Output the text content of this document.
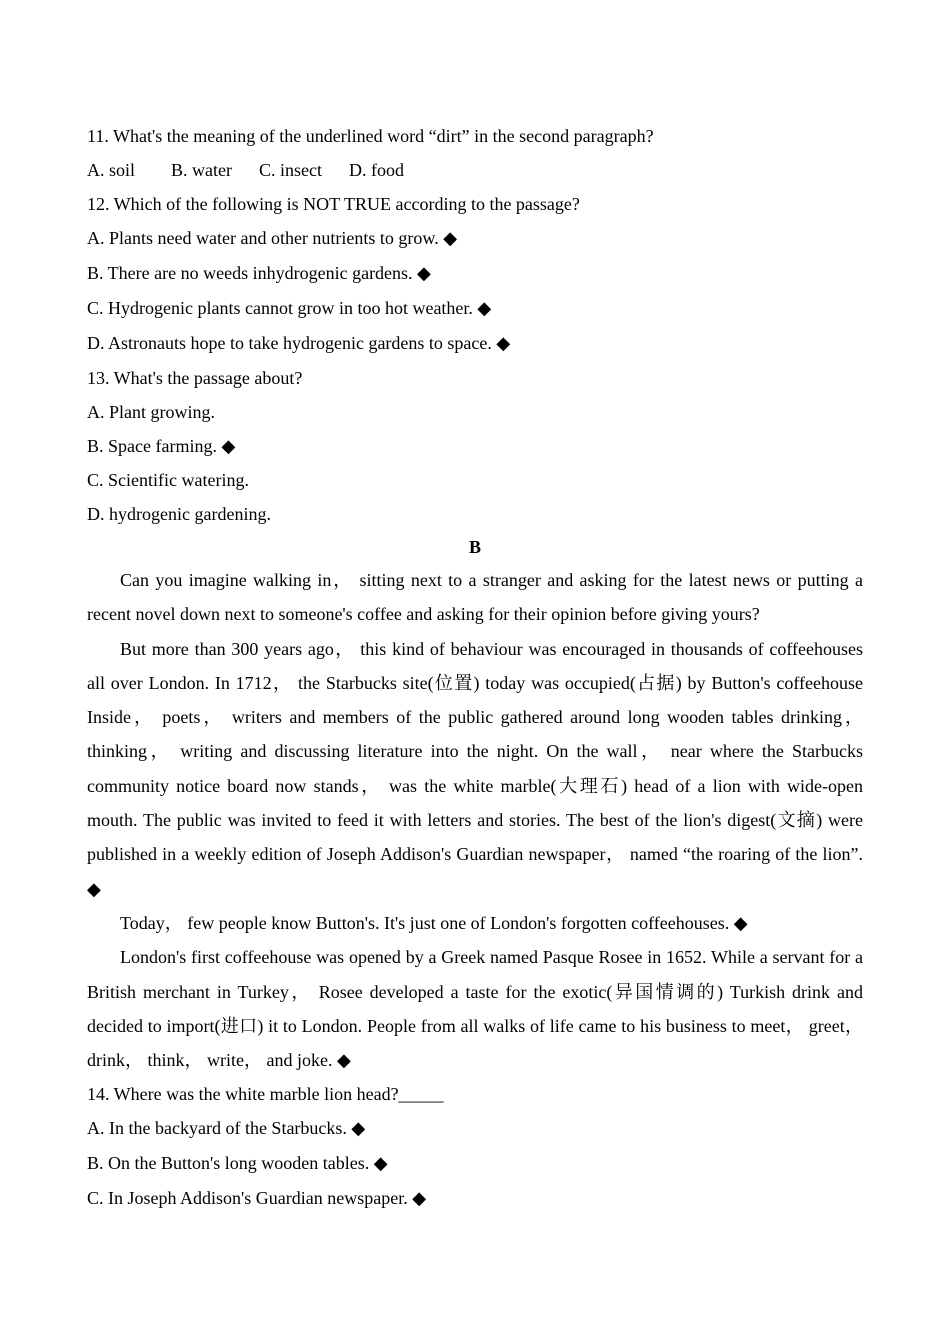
11. What's the meaning of the underlined word “dirt” in the second paragraph?
A. soil        B. water      C. insect      D. food
12. Which of the following is NOT TRUE according to the passage?
A. Plants need water and other nutrients to grow. ◆
B. There are no weeds inhydrogenic gardens. ◆
C. Hydrogenic plants cannot grow in too hot weather. ◆
D. Astronauts hope to take hydrogenic gardens to space. ◆
13. What's the passage about?
A. Plant growing.
B. Space farming. ◆
C. Scientific watering.
D. hydrogenic gardening.
B
Can you imagine walking in， sitting next to a stranger and asking for the latest news or putting a recent novel down next to someone's coffee and asking for their opinion before giving yours?
But more than 300 years ago， this kind of behaviour was encouraged in thousands of coffeehouses all over London. In 1712， the Starbucks site(位置) today was occupied(占据) by Button's coffeehouse Inside， poets， writers and members of the public gathered around long wooden tables drinking， thinking， writing and discussing literature into the night. On the wall， near where the Starbucks community notice board now stands， was the white marble(大理石) head of a lion with wide-open mouth. The public was invited to feed it with letters and stories. The best of the lion's digest(文摘) were published in a weekly edition of Joseph Addison's Guardian newspaper， named “the roaring of the lion”. ◆
Today， few people know Button's. It's just one of London's forgotten coffeehouses. ◆
London's first coffeehouse was opened by a Greek named Pasque Rosee in 1652. While a servant for a British merchant in Turkey， Rosee developed a taste for the exotic(异国情调的) Turkish drink and decided to import(进口) it to London. People from all walks of life came to his business to meet， greet， drink， think， write， and joke. ◆
14. Where was the white marble lion head?_____
A. In the backyard of the Starbucks. ◆
B. On the Button's long wooden tables. ◆
C. In Joseph Addison's Guardian newspaper. ◆
